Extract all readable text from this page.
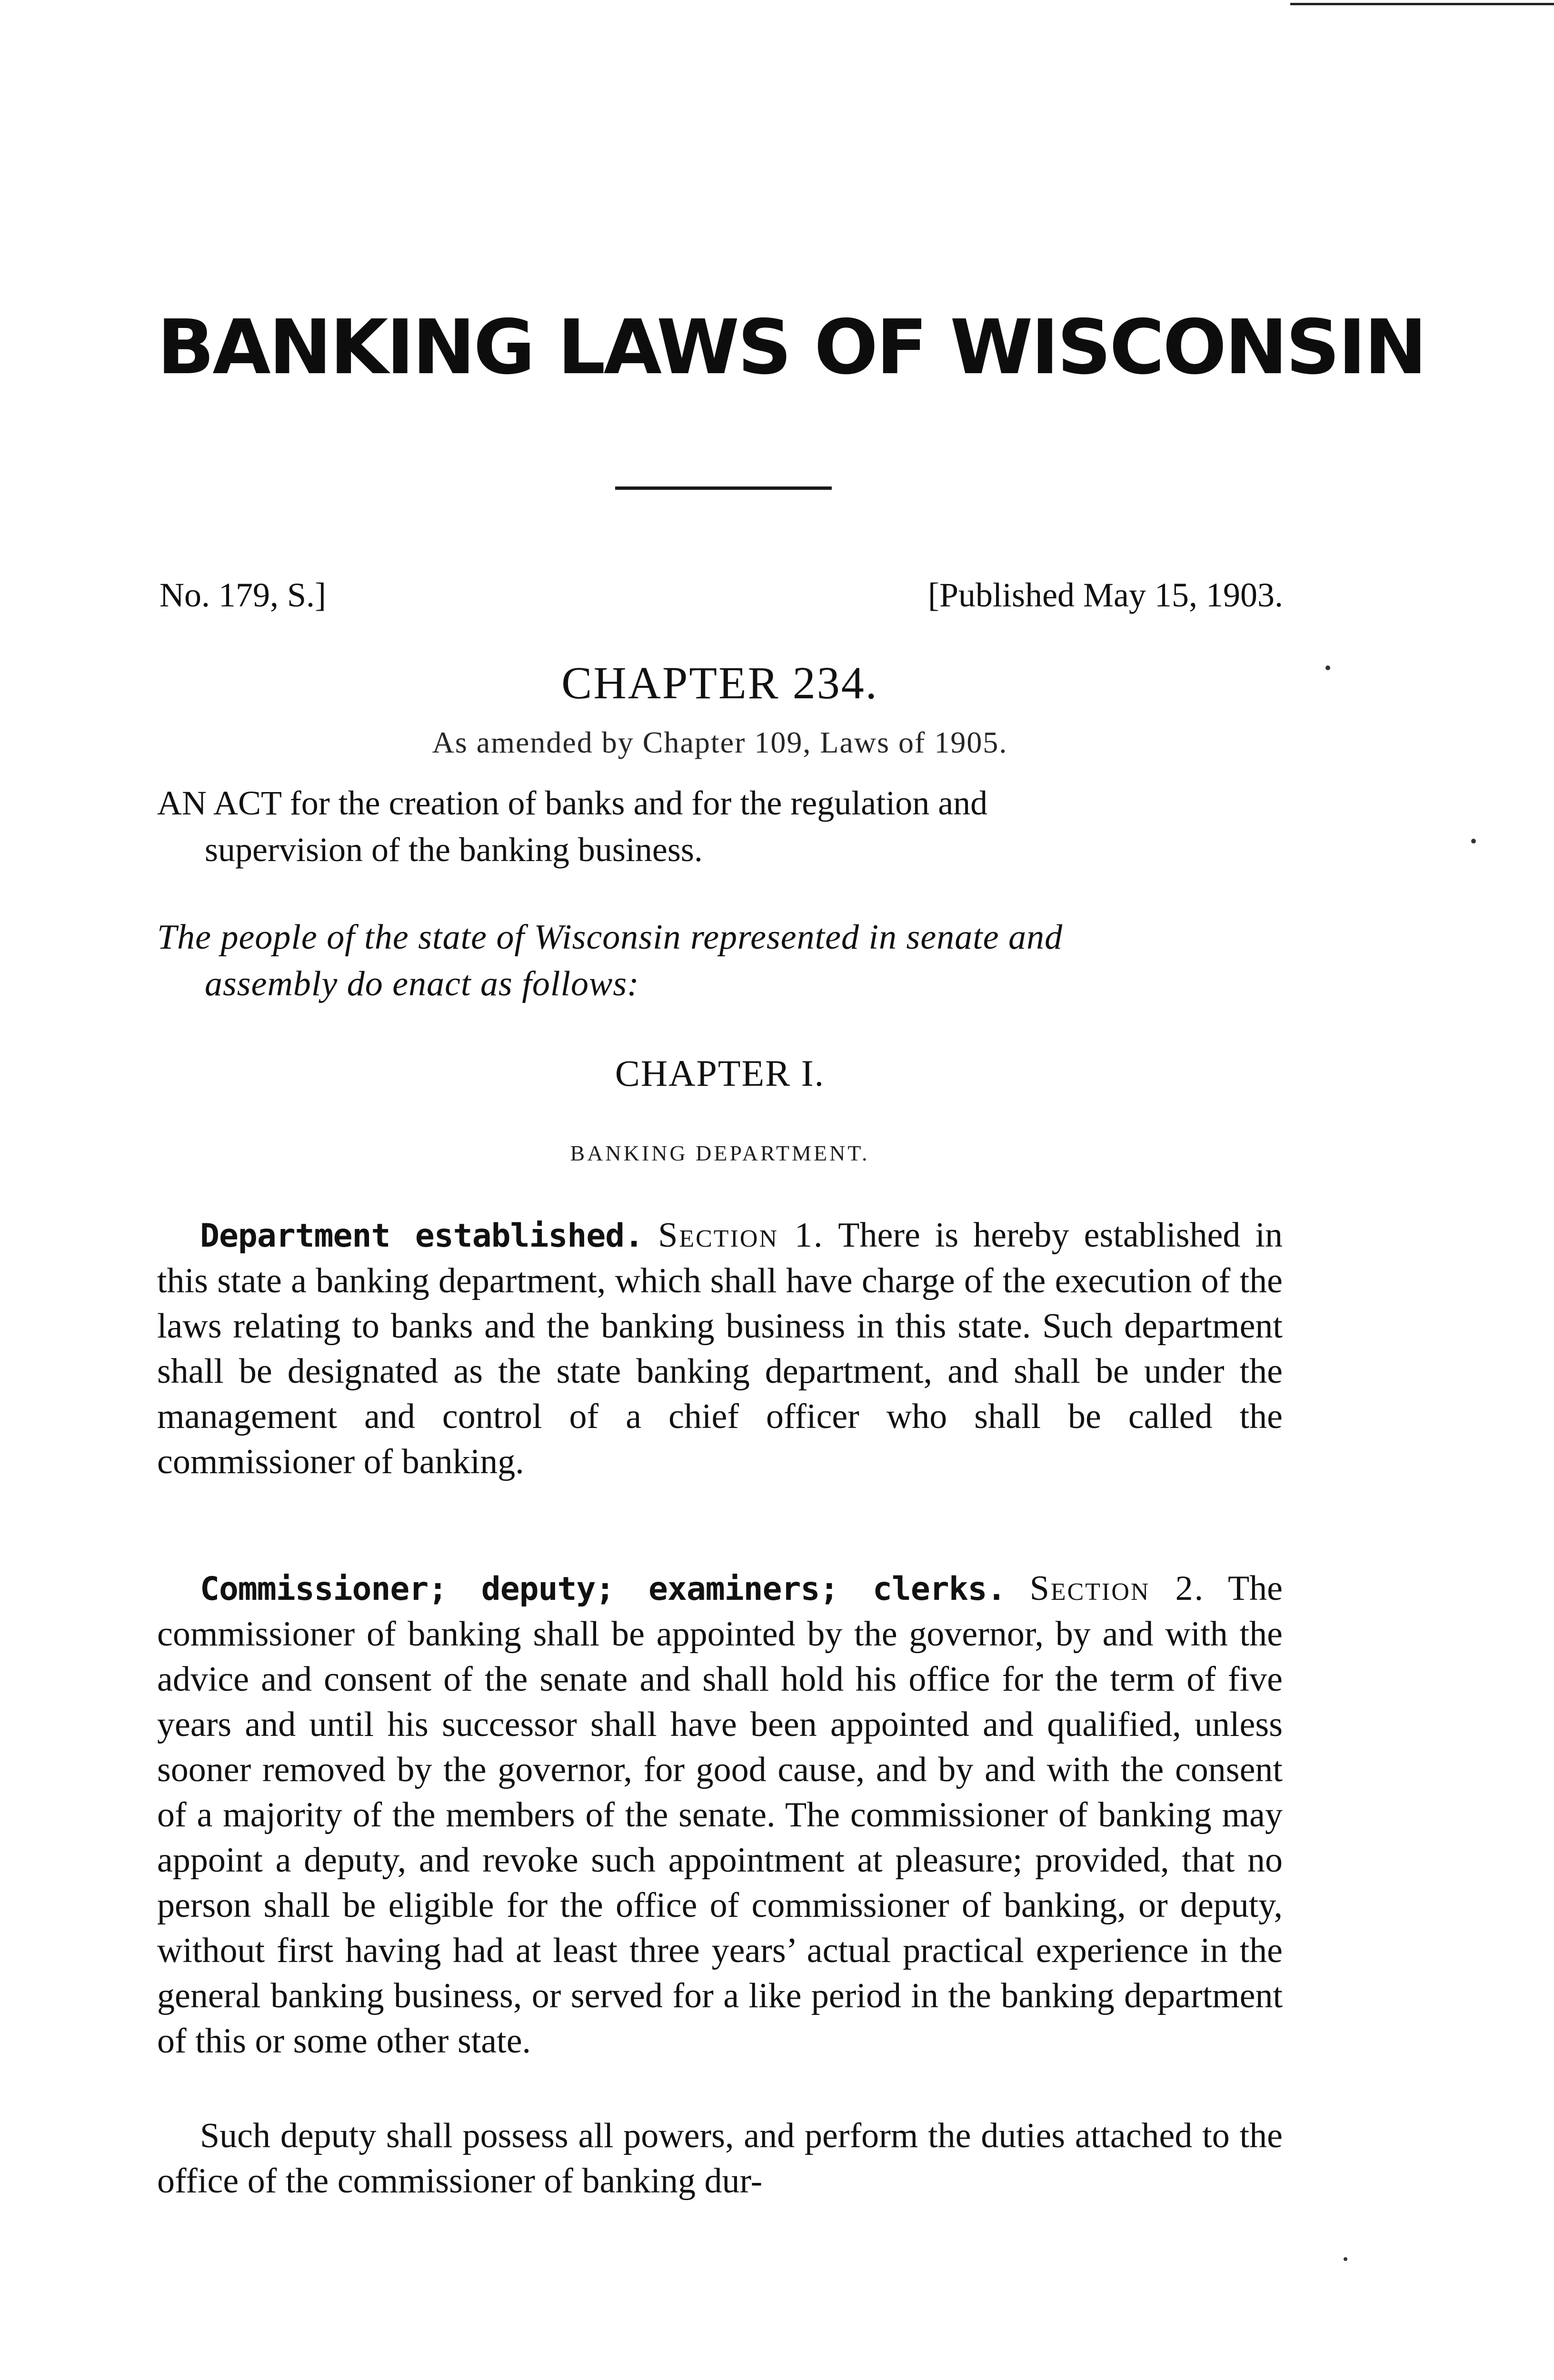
BANKING LAWS OF WISCONSIN
No. 179, S.]	[Published May 15, 1903.
CHAPTER 234.
As amended by Chapter 109, Laws of 1905.

AN ACT for the creation of banks and for the regulation and
supervision of the banking business.

The people of the state of Wisconsin represented in senate and
assembly do enact as follows:

CHAPTER I.
BANKING DEPARTMENT.

Department established. Section 1. There is hereby established in this state a banking department, which shall have charge of the execution of the laws relating to banks and the banking business in this state. Such department shall be designated as the state banking department, and shall be under the management and control of a chief officer who shall be called the commissioner of banking.

Commissioner; deputy; examiners; clerks. Section 2. The commissioner of banking shall be appointed by the governor, by and with the advice and consent of the senate and shall hold his office for the term of five years and until his successor shall have been appointed and qualified, unless sooner removed by the governor, for good cause, and by and with the consent of a majority of the members of the senate. The commissioner of banking may appoint a deputy, and revoke such appointment at pleasure; provided, that no person shall be eligible for the office of commissioner of banking, or deputy, without first having had at least three years’ actual practical experience in the general banking business, or served for a like period in the banking department of this or some other state.

Such deputy shall possess all powers, and perform the duties attached to the office of the commissioner of banking dur-
